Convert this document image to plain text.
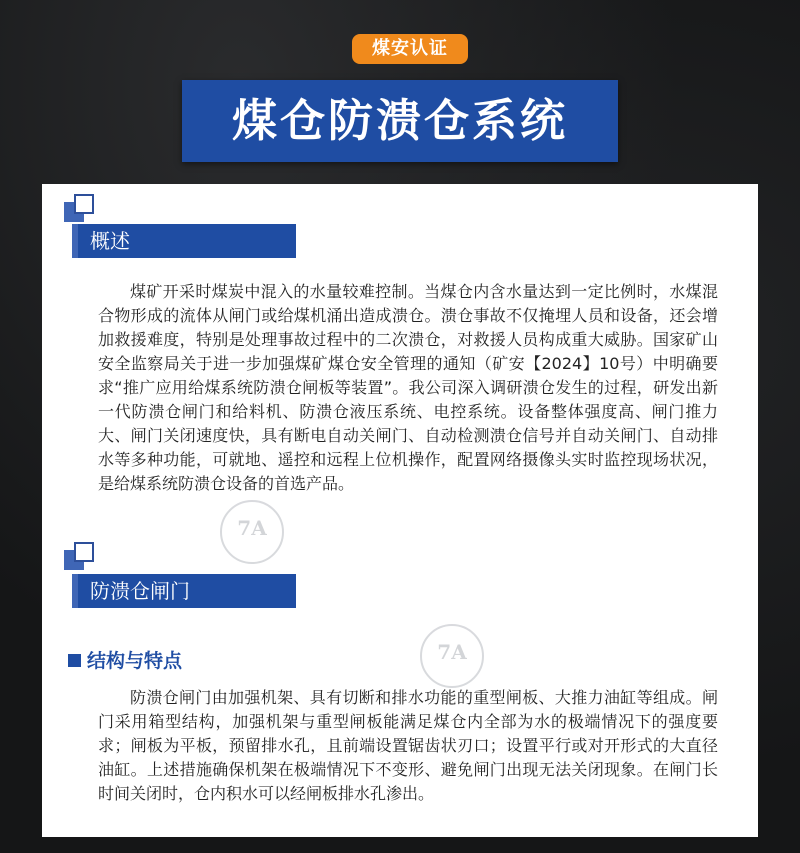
煤安认证
煤仓防溃仓系统
概述

煤矿开采时煤炭中混入的水量较难控制。当煤仓内含水量达到一定比例时，水煤混合物形成的流体从闸门或给煤机涌出造成溃仓。溃仓事故不仅掩埋人员和设备，还会增加救援难度，特别是处理事故过程中的二次溃仓，对救援人员构成重大威胁。国家矿山安全监察局关于进一步加强煤矿煤仓安全管理的通知（矿安【2024】10号）中明确要求“推广应用给煤系统防溃仓闸板等装置”。我公司深入调研溃仓发生的过程，研发出新一代防溃仓闸门和给料机、防溃仓液压系统、电控系统。设备整体强度高、闸门推力大、闸门关闭速度快，具有断电自动关闸门、自动检测溃仓信号并自动关闸门、自动排水等多种功能，可就地、遥控和远程上位机操作，配置网络摄像头实时监控现场状况，是给煤系统防溃仓设备的首选产品。

7A
防溃仓闸门
7A
结构与特点

防溃仓闸门由加强机架、具有切断和排水功能的重型闸板、大推力油缸等组成。闸门采用箱型结构，加强机架与重型闸板能满足煤仓内全部为水的极端情况下的强度要求；闸板为平板，预留排水孔，且前端设置锯齿状刃口；设置平行或对开形式的大直径油缸。上述措施确保机架在极端情况下不变形、避免闸门出现无法关闭现象。在闸门长时间关闭时，仓内积水可以经闸板排水孔渗出。
